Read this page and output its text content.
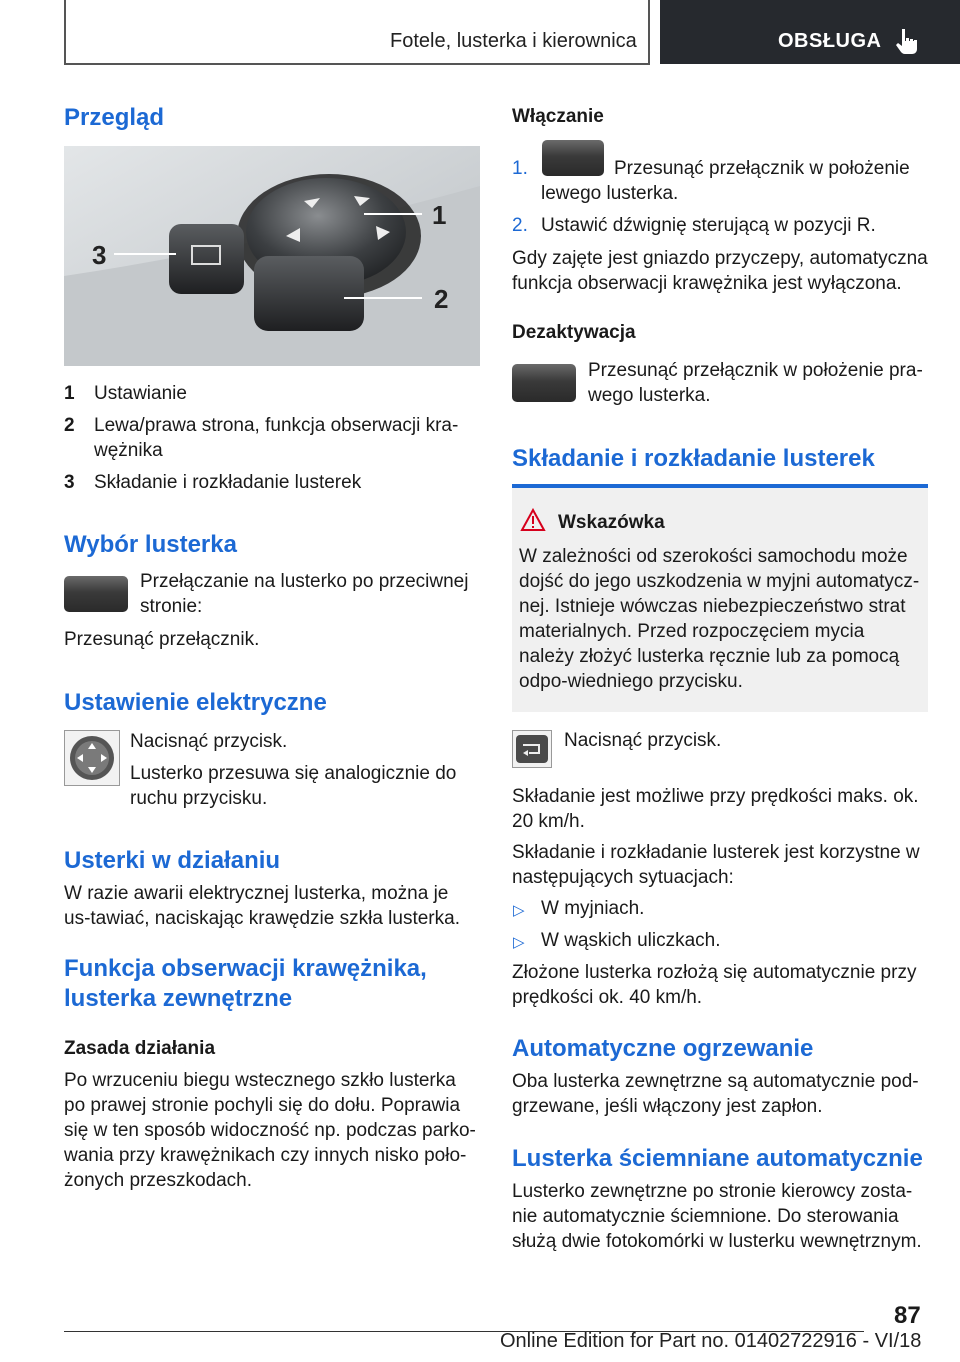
Fotele, lusterka i kierownica	OBSŁUGA
Przegląd
3
1
2
1 Ustawianie
2 Lewa/prawa strona, funkcja obserwacji kra-wężnika
3 Składanie i rozkładanie lusterek
Wybór lusterka
Przełączanie na lusterko po przeciwnej stronie:
Przesunąć przełącznik.
Ustawienie elektryczne
Nacisnąć przycisk.
Lusterko przesuwa się analogicznie do ruchu przycisku.
Usterki w działaniu
W razie awarii elektrycznej lusterka, można je us-tawiać, naciskając krawędzie szkła lusterka.
Funkcja obserwacji krawężnika,
lusterka zewnętrzne
Zasada działania
Po wrzuceniu biegu wstecznego szkło lusterka po prawej stronie pochyli się do dołu. Poprawia się w ten sposób widoczność np. podczas parko-wania przy krawężnikach czy innych nisko poło-żonych przeszkodach.
Włączanie
1.	Przesunąć przełącznik w położenie lewego lusterka.
2. Ustawić dźwignię sterującą w pozycji R.
Gdy zajęte jest gniazdo przyczepy, automatyczna funkcja obserwacji krawężnika jest wyłączona.
Dezaktywacja
Przesunąć przełącznik w położenie pra-wego lusterka.
Składanie i rozkładanie lusterek
Wskazówka
W zależności od szerokości samochodu może dojść do jego uszkodzenia w myjni automatycz-nej. Istnieje wówczas niebezpieczeństwo strat materialnych. Przed rozpoczęciem mycia należy złożyć lusterka ręcznie lub za pomocą odpo-wiedniego przycisku.
Nacisnąć przycisk.
Składanie jest możliwe przy prędkości maks. ok. 20 km/h.
Składanie i rozkładanie lusterek jest korzystne w następujących sytuacjach:
▷ W myjniach.
▷ W wąskich uliczkach.
Złożone lusterka rozłożą się automatycznie przy prędkości ok. 40 km/h.
Automatyczne ogrzewanie
Oba lusterka zewnętrzne są automatycznie pod-grzewane, jeśli włączony jest zapłon.
Lusterka ściemniane automatycznie
Lusterko zewnętrzne po stronie kierowcy zosta-nie automatycznie ściemnione. Do sterowania służą dwie fotokomórki w lusterku wewnętrznym.
87
Online Edition for Part no. 01402722916 - VI/18
